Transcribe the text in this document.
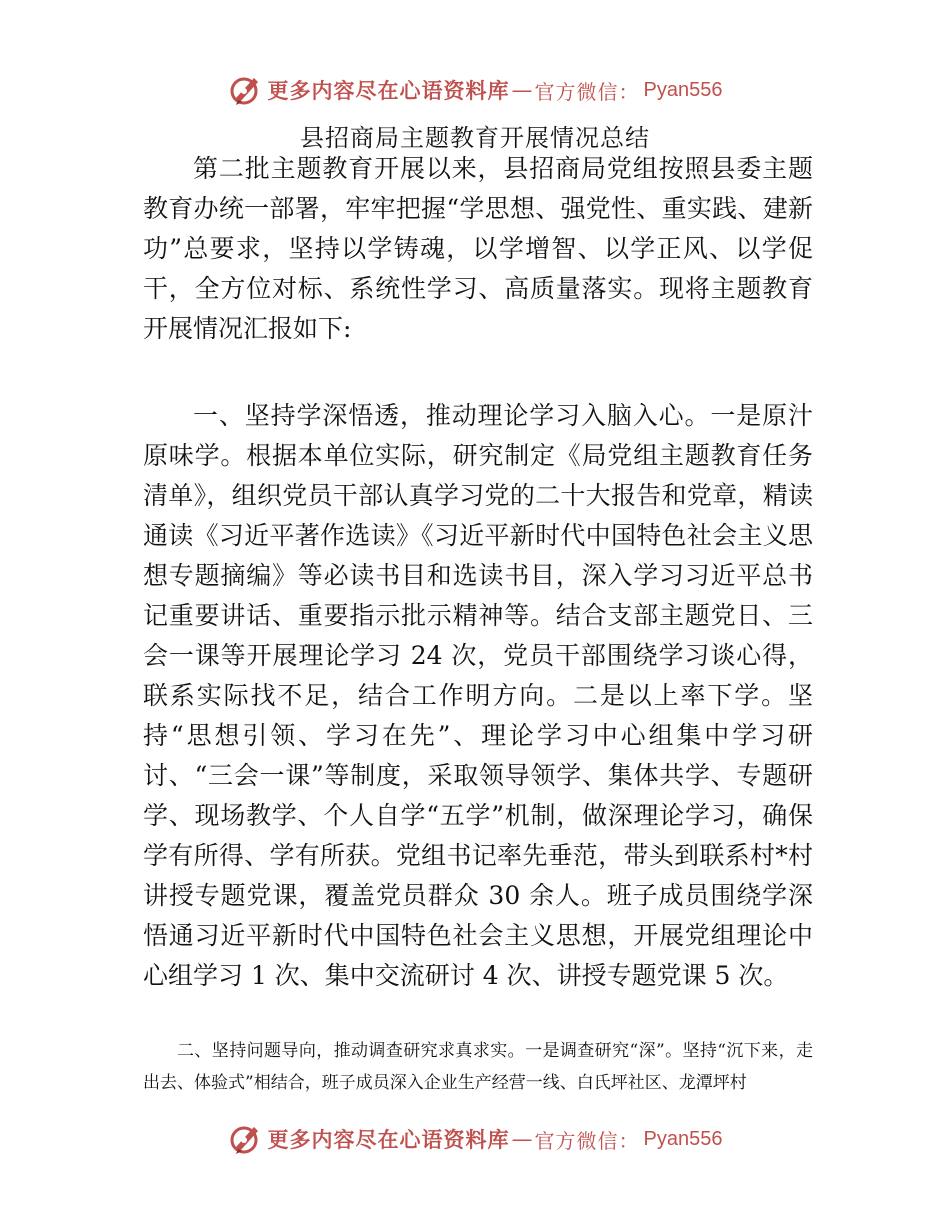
更多内容尽在心语资料库 — 官方微信： Pyan556
县招商局主题教育开展情况总结

第二批主题教育开展以来，县招商局党组按照县委主题教育办统一部署，牢牢把握“学思想、强党性、重实践、建新功”总要求，坚持以学铸魂，以学增智、以学正风、以学促干，全方位对标、系统性学习、高质量落实。现将主题教育开展情况汇报如下:

一、坚持学深悟透，推动理论学习入脑入心。一是原汁原味学。根据本单位实际，研究制定《局党组主题教育任务清单》，组织党员干部认真学习党的二十大报告和党章，精读通读《习近平著作选读》《习近平新时代中国特色社会主义思想专题摘编》等必读书目和选读书目，深入学习习近平总书记重要讲话、重要指示批示精神等。结合支部主题党日、三会一课等开展理论学习 24 次，党员干部围绕学习谈心得，联系实际找不足，结合工作明方向。二是以上率下学。坚持“思想引领、学习在先”、理论学习中心组集中学习研讨、“三会一课”等制度，采取领导领学、集体共学、专题研学、现场教学、个人自学“五学”机制，做深理论学习，确保学有所得、学有所获。党组书记率先垂范，带头到联系村*村讲授专题党课，覆盖党员群众 30 余人。班子成员围绕学深悟通习近平新时代中国特色社会主义思想，开展党组理论中心组学习 1 次、集中交流研讨 4 次、讲授专题党课 5 次。

二、坚持问题导向，推动调查研究求真求实。一是调查研究“深”。坚持“沉下来，走出去、体验式”相结合，班子成员深入企业生产经营一线、白氏坪社区、龙潭坪村

更多内容尽在心语资料库 — 官方微信： Pyan556
